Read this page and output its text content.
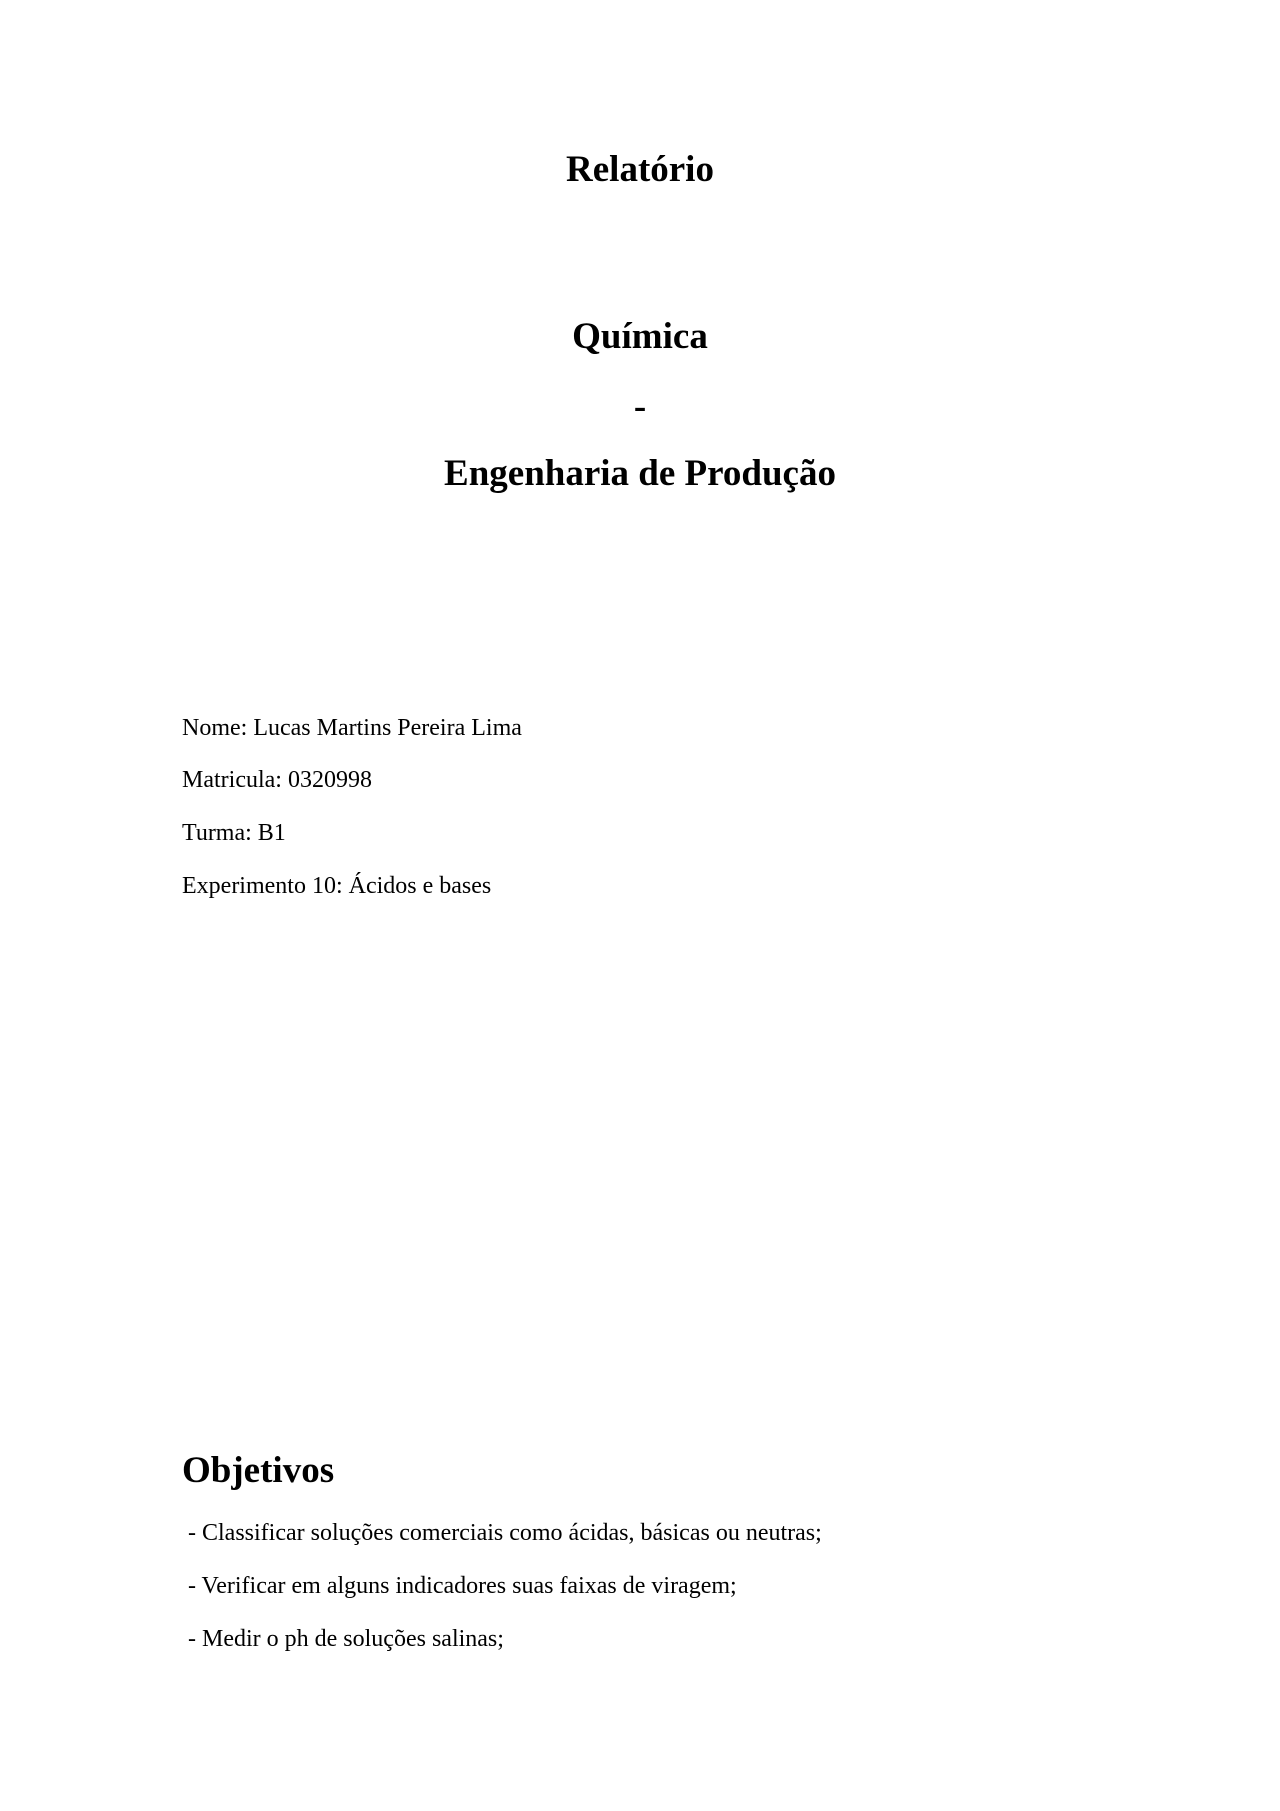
Relatório
Química
-
Engenharia de Produção

Nome: Lucas Martins Pereira Lima

Matricula: 0320998

Turma: B1

Experimento 10: Ácidos e bases

Objetivos
- Classificar soluções comerciais como ácidas, básicas ou neutras;
- Verificar em alguns indicadores suas faixas de viragem;
- Medir o ph de soluções salinas;
